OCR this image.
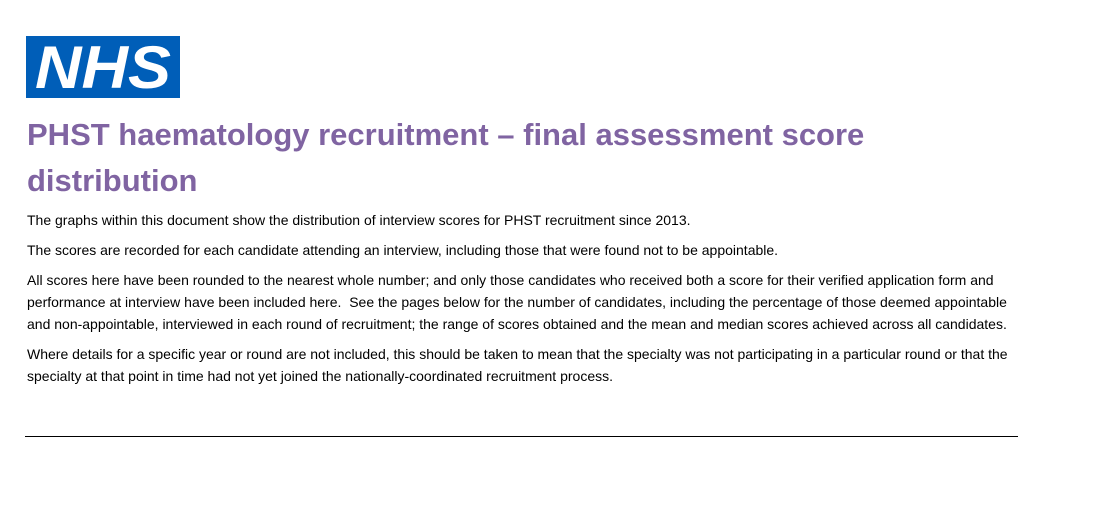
NHS
PHST haematology recruitment – final assessment score distribution

The graphs within this document show the distribution of interview scores for PHST recruitment since 2013.

The scores are recorded for each candidate attending an interview, including those that were found not to be appointable.

All scores here have been rounded to the nearest whole number; and only those candidates who received both a score for their verified application form and performance at interview have been included here.  See the pages below for the number of candidates, including the percentage of those deemed appointable and non-appointable, interviewed in each round of recruitment; the range of scores obtained and the mean and median scores achieved across all candidates.

Where details for a specific year or round are not included, this should be taken to mean that the specialty was not participating in a particular round or that the specialty at that point in time had not yet joined the nationally-coordinated recruitment process.
